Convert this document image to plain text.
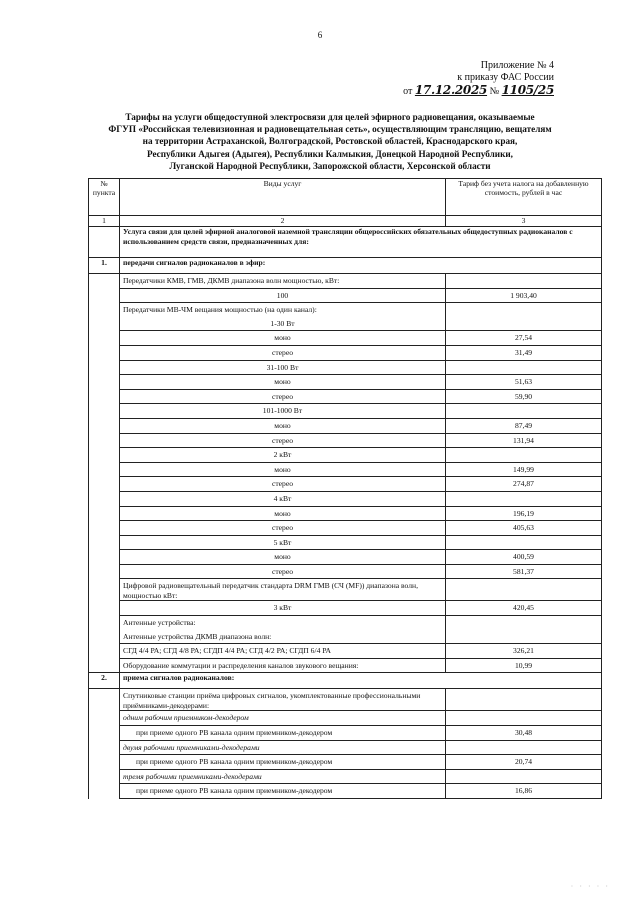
6
Приложение № 4
к приказу ФАС России
от 17.12.2025 № 1105/25
Тарифы на услуги общедоступной электросвязи для целей эфирного радиовещания, оказываемые
ФГУП «Российская телевизионная и радиовещательная сеть», осуществляющим трансляцию, вещателям
на территории Астраханской, Волгоградской, Ростовской областей, Краснодарского края,
Республики Адыгея (Адыгея), Республики Калмыкия, Донецкой Народной Республики,
Луганской Народной Республики, Запорожской области, Херсонской области
№ пункта	Виды услуг	Тариф без учета налога на добавленную стоимость, рублей в час
1	2	3
	Услуга связи для целей эфирной аналоговой наземной трансляции общероссийских обязательных общедоступных радиоканалов с использованием средств связи, предназначенных для:	
1.	передачи сигналов радиоканалов в эфир:	
	Передатчики КМВ, ГМВ, ДКМВ диапазона волн мощностью, кВт:	
	100	1 903,40
	Передатчики МВ-ЧМ вещания мощностью (на один канал):	
	1-30 Вт	
	моно	27,54
	стерео	31,49
	31-100 Вт	
	моно	51,63
	стерео	59,90
	101-1000 Вт	
	моно	87,49
	стерео	131,94
	2 кВт	
	моно	149,99
	стерео	274,87
	4 кВт	
	моно	196,19
	стерео	405,63
	5 кВт	
	моно	400,59
	стерео	581,37
	Цифровой радиовещательный передатчик стандарта DRM ГМВ (СЧ (MF)) диапазона волн, мощностью кВт:	
	3 кВт	420,45
	Антенные устройства:	
	Антенные устройства ДКМВ диапазона волн:	
	СГД 4/4 РА; СГД 4/8 РА; СГДП 4/4 РА; СГД 4/2 РА; СГДП 6/4 РА	326,21
	Оборудование коммутации и распределения каналов звукового вещания:	10,99
2.	приема сигналов радиоканалов:	
	Спутниковые станции приёма цифровых сигналов, укомплектованные профессиональными приёмниками-декодерами:	
	одним рабочим приемником-декодером	
	при приеме одного РВ канала одним приемником-декодером	30,48
	двумя рабочими приемниками-декодерами	
	при приеме одного РВ канала одним приемником-декодером	20,74
	тремя рабочими приемниками-декодерами	
	при приеме одного РВ канала одним приемником-декодером	16,86
· · · · ·
